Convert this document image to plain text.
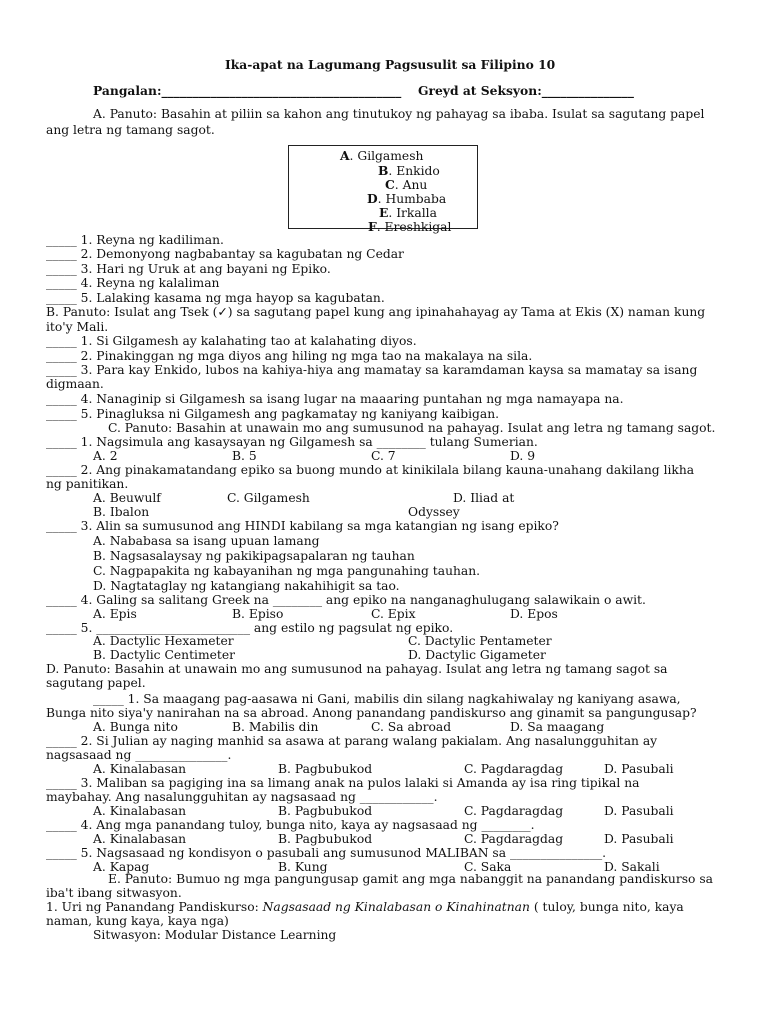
Ika-apat na Lagumang Pagsusulit sa Filipino 10
Pangalan:_______________________________________ Greyd at Seksyon:_______________
A. Panuto: Basahin at piliin sa kahon ang tinutukoy ng pahayag sa ibaba. Isulat sa sagutang papel
ang letra ng tamang sagot.
A. Gilgamesh
B. Enkido
C. Anu
D. Humbaba
E. Irkalla
F. Ereshkigal
_____ 1. Reyna ng kadiliman.
_____ 2. Demonyong nagbabantay sa kagubatan ng Cedar
_____ 3. Hari ng Uruk at ang bayani ng Epiko.
_____ 4. Reyna ng kalaliman
_____ 5. Lalaking kasama ng mga hayop sa kagubatan.
B. Panuto: Isulat ang Tsek (✓) sa sagutang papel kung ang ipinahahayag ay Tama at Ekis (X) naman kung
ito'y Mali.
_____ 1. Si Gilgamesh ay kalahating tao at kalahating diyos.
_____ 2. Pinakinggan ng mga diyos ang hiling ng mga tao na makalaya na sila.
_____ 3. Para kay Enkido, lubos na kahiya-hiya ang mamatay sa karamdaman kaysa sa mamatay sa isang
digmaan.
_____ 4. Nanaginip si Gilgamesh sa isang lugar na maaaring puntahan ng mga namayapa na.
_____ 5. Pinagluksa ni Gilgamesh ang pagkamatay ng kaniyang kaibigan.
C. Panuto: Basahin at unawain mo ang sumusunod na pahayag. Isulat ang letra ng tamang sagot.
_____ 1. Nagsimula ang kasaysayan ng Gilgamesh sa ________ tulang Sumerian.
A. 2	B. 5	C. 7	D. 9
_____ 2. Ang pinakamatandang epiko sa buong mundo at kinikilala bilang kauna-unahang dakilang likha
ng panitikan.
A. Beuwulf	C. Gilgamesh	D. Iliad at
B. Ibalon	Odyssey
_____ 3. Alin sa sumusunod ang HINDI kabilang sa mga katangian ng isang epiko?
A. Nababasa sa isang upuan lamang
B. Nagsasalaysay ng pakikipagsapalaran ng tauhan
C. Nagpapakita ng kabayanihan ng mga pangunahing tauhan.
D. Nagtataglay ng katangiang nakahihigit sa tao.
_____ 4. Galing sa salitang Greek na ________ ang epiko na nanganaghulugang salawikain o awit.
A. Epis	B. Episo	C. Epix	D. Epos
_____ 5. _________________________ ang estilo ng pagsulat ng epiko.
A. Dactylic Hexameter	C. Dactylic Pentameter
B. Dactylic Centimeter	D. Dactylic Gigameter
D. Panuto: Basahin at unawain mo ang sumusunod na pahayag. Isulat ang letra ng tamang sagot sa
sagutang papel.
_____ 1. Sa maagang pag-aasawa ni Gani, mabilis din silang nagkahiwalay ng kaniyang asawa,
Bunga nito siya'y nanirahan na sa abroad. Anong panandang pandiskurso ang ginamit sa pangungusap?
A. Bunga nito	B. Mabilis din	C. Sa abroad	D. Sa maagang
_____ 2. Si Julian ay naging manhid sa asawa at parang walang pakialam. Ang nasalungguhitan ay
nagsasaad ng _______________.
A. Kinalabasan	B. Pagbubukod	C. Pagdaragdag	D. Pasubali
_____ 3. Maliban sa pagiging ina sa limang anak na pulos lalaki si Amanda ay isa ring tipikal na
maybahay. Ang nasalungguhitan ay nagsasaad ng ____________.
A. Kinalabasan	B. Pagbubukod	C. Pagdaragdag	D. Pasubali
_____ 4. Ang mga panandang tuloy, bunga nito, kaya ay nagsasaad ng ________.
A. Kinalabasan	B. Pagbubukod	C. Pagdaragdag	D. Pasubali
_____ 5. Nagsasaad ng kondisyon o pasubali ang sumusunod MALIBAN sa _______________.
A. Kapag	B. Kung	C. Saka	D. Sakali
E. Panuto: Bumuo ng mga pangungusap gamit ang mga nabanggit na panandang pandiskurso sa
iba't ibang sitwasyon.
1. Uri ng Panandang Pandiskurso: Nagsasaad ng Kinalabasan o Kinahinatnan ( tuloy, bunga nito, kaya
naman, kung kaya, kaya nga)
Sitwasyon: Modular Distance Learning
